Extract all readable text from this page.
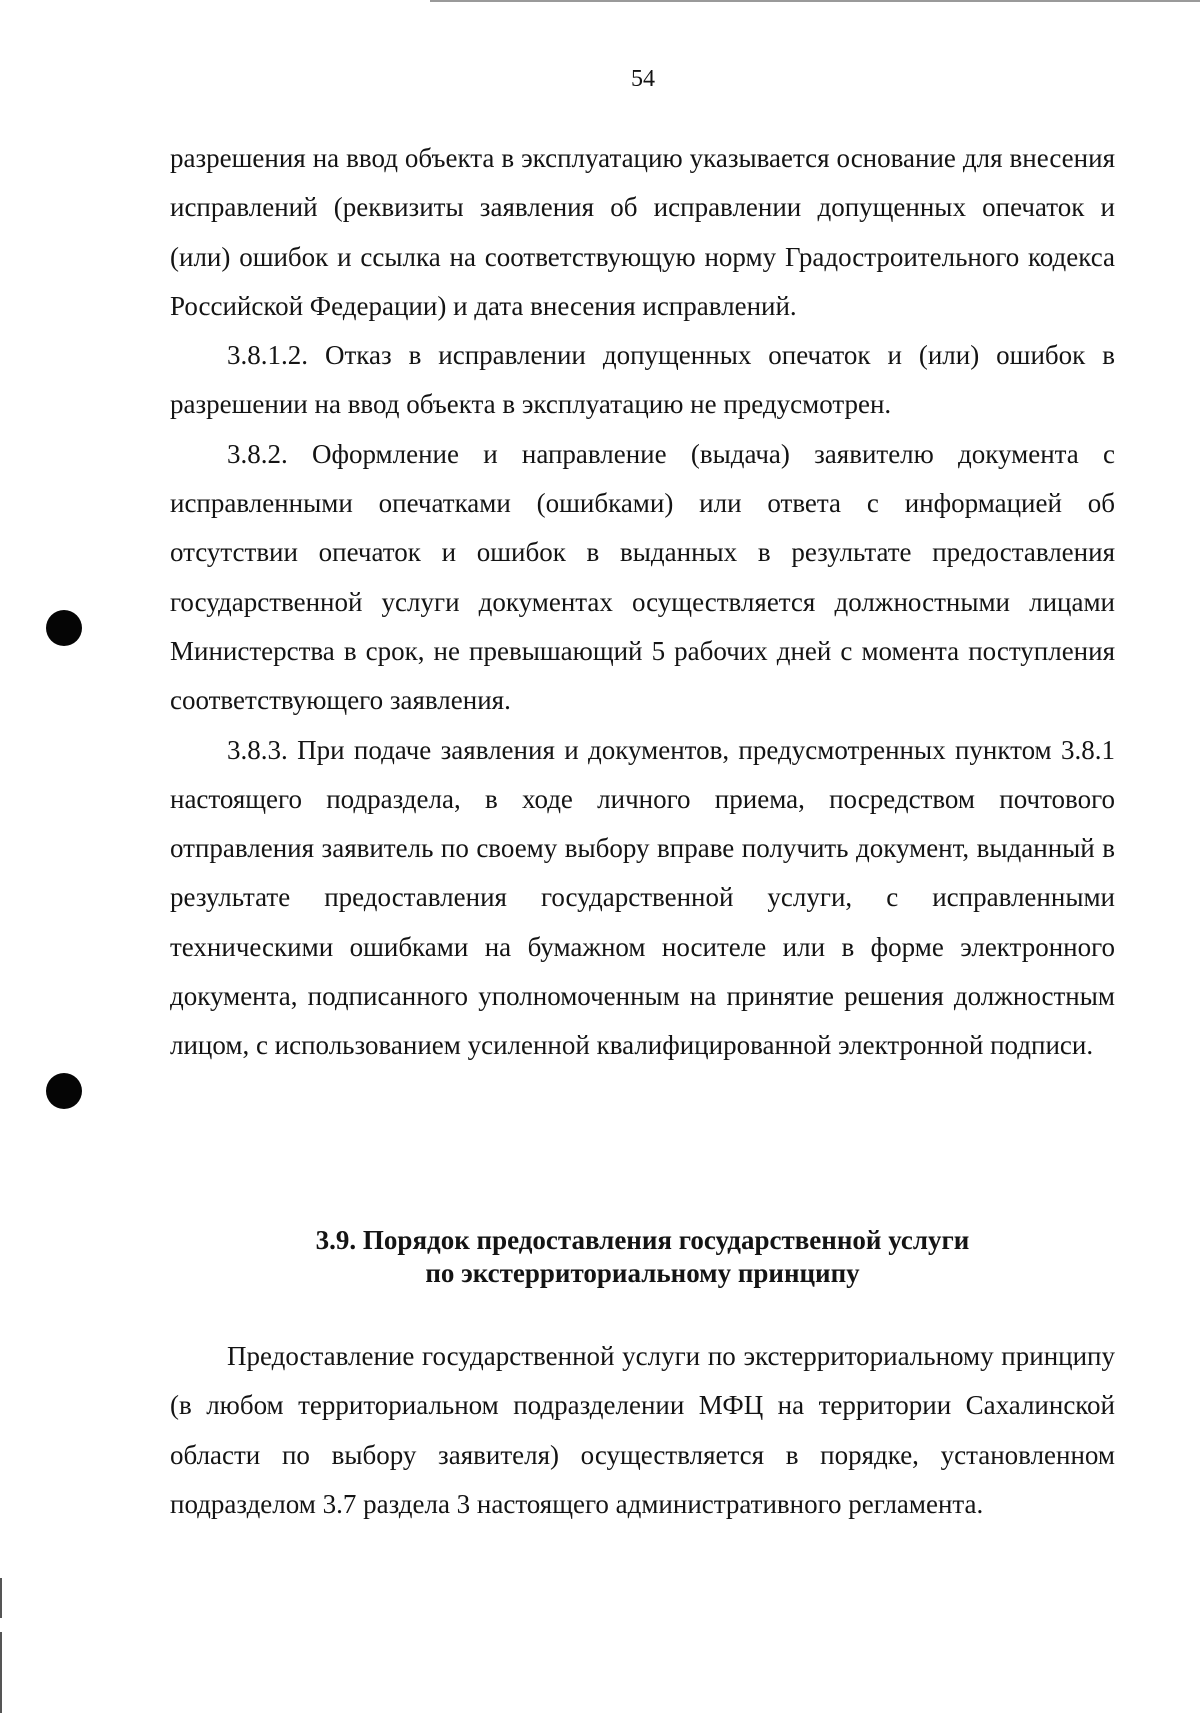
54

разрешения на ввод объекта в эксплуатацию указывается основание для внесения исправлений (реквизиты заявления об исправлении допущенных опечаток и (или) ошибок и ссылка на соответствующую норму Градостроительного кодекса Российской Федерации) и дата внесения исправлений.

3.8.1.2. Отказ в исправлении допущенных опечаток и (или) ошибок в разрешении на ввод объекта в эксплуатацию не предусмотрен.

3.8.2. Оформление и направление (выдача) заявителю документа с исправленными опечатками (ошибками) или ответа с информацией об отсутствии опечаток и ошибок в выданных в результате предоставления государственной услуги документах осуществляется должностными лицами Министерства в срок, не превышающий 5 рабочих дней с момента поступления соответствующего заявления.

3.8.3. При подаче заявления и документов, предусмотренных пунктом 3.8.1 настоящего подраздела, в ходе личного приема, посредством почтового отправления заявитель по своему выбору вправе получить документ, выданный в результате предоставления государственной услуги, с исправленными техническими ошибками на бумажном носителе или в форме электронного документа, подписанного уполномоченным на принятие решения должностным лицом, с использованием усиленной квалифицированной электронной подписи.

3.9. Порядок предоставления государственной услуги
по экстерриториальному принципу

Предоставление государственной услуги по экстерриториальному принципу (в любом территориальном подразделении МФЦ на территории Сахалинской области по выбору заявителя) осуществляется в порядке, установленном подразделом 3.7 раздела 3 настоящего административного регламента.
